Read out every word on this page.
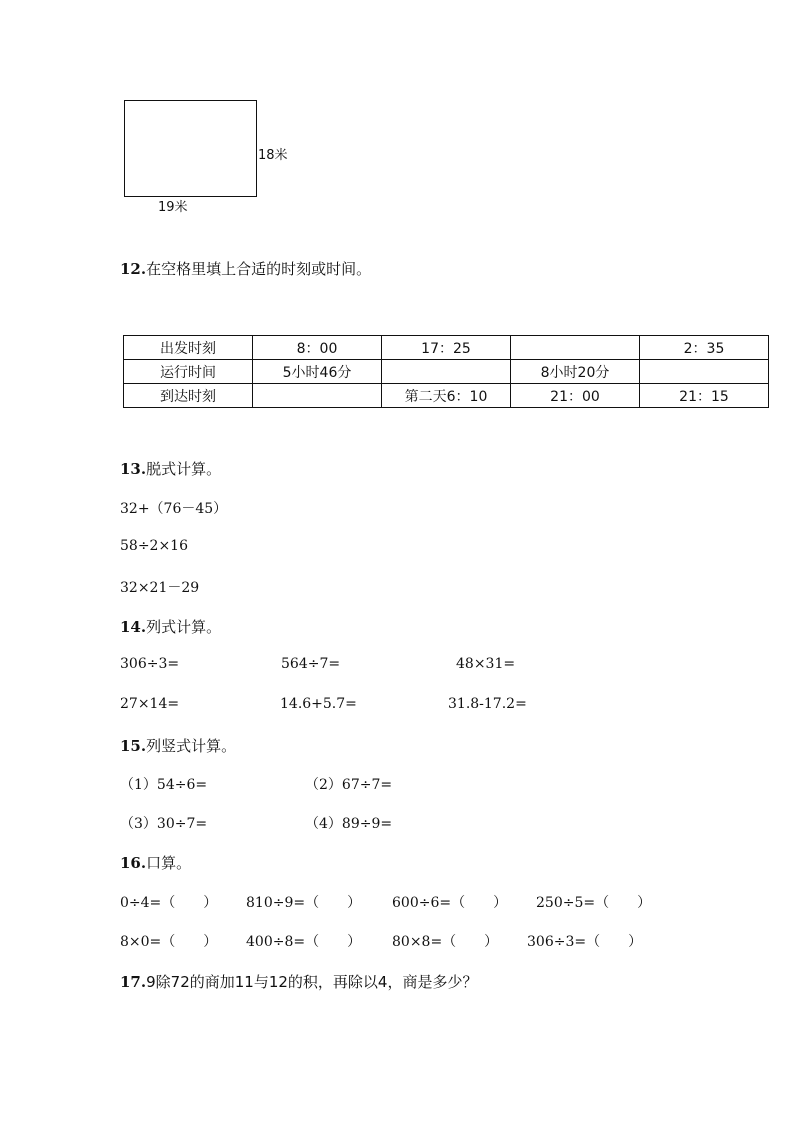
18米
19米
12.在空格里填上合适的时刻或时间。
出发时刻	8：00	17：25		2：35
运行时间	5小时46分		8小时20分	
到达时刻		第二天6：10	21：00	21：15
13.脱式计算。
32+（76－45）
58÷2×16
32×21－29
14.列式计算。
306÷3=	564÷7=	48×31=
27×14=	14.6+5.7=	31.8-17.2=
15.列竖式计算。
（1）54÷6=	（2）67÷7=
（3）30÷7=	（4）89÷9=
16.口算。
0÷4=（　　） 810÷9=（　　） 600÷6=（　　） 250÷5=（　　）
8×0=（　　） 400÷8=（　　） 80×8=（　　） 306÷3=（　　）
17.9除72的商加11与12的积，再除以4，商是多少？
